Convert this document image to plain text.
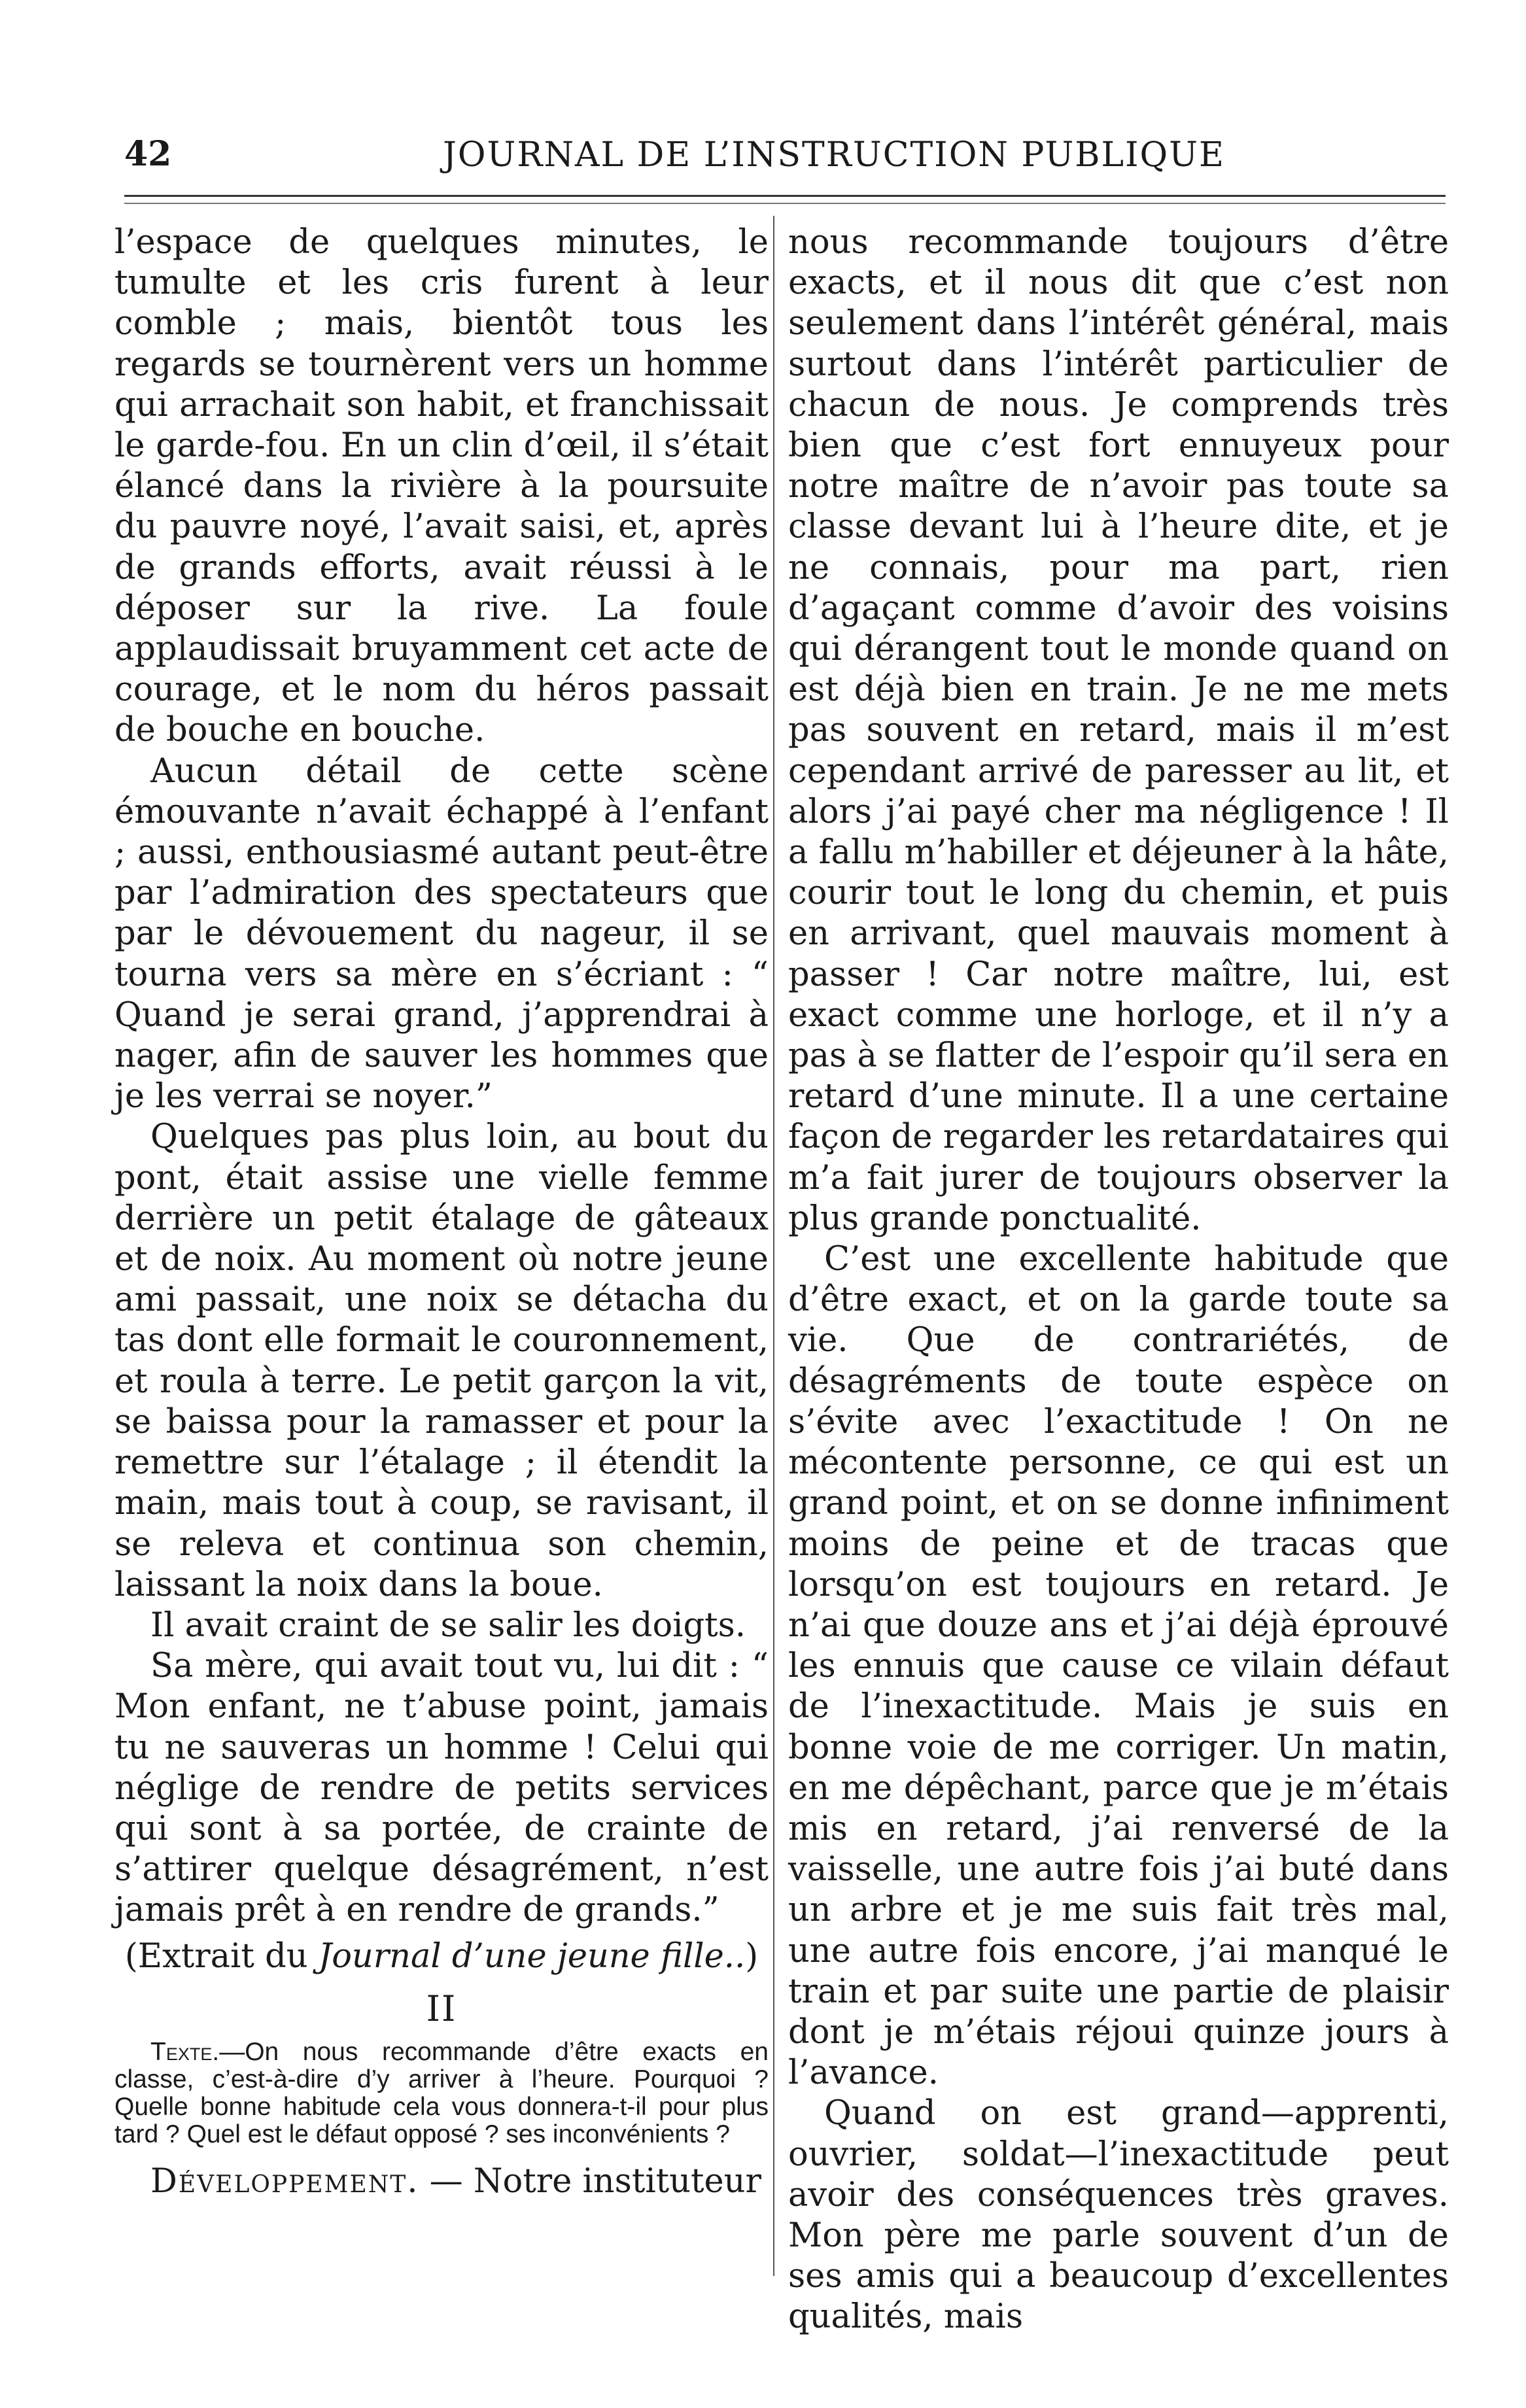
42	JOURNAL DE L’INSTRUCTION PUBLIQUE

l’espace de quelques minutes, le tumulte et les cris furent à leur comble ; mais, bientôt tous les regards se tournèrent vers un homme qui arrachait son habit, et franchissait le garde-fou. En un clin d’œil, il s’était élancé dans la rivière à la poursuite du pauvre noyé, l’avait saisi, et, après de grands efforts, avait réussi à le déposer sur la rive. La foule applaudissait bruyamment cet acte de courage, et le nom du héros passait de bouche en bouche.

Aucun détail de cette scène émouvante n’avait échappé à l’enfant ; aussi, enthousiasmé autant peut-être par l’admiration des spectateurs que par le dévouement du nageur, il se tourna vers sa mère en s’écriant : “ Quand je serai grand, j’apprendrai à nager, afin de sauver les hommes que je les verrai se noyer.”

Quelques pas plus loin, au bout du pont, était assise une vielle femme derrière un petit étalage de gâteaux et de noix. Au moment où notre jeune ami passait, une noix se détacha du tas dont elle formait le couronnement, et roula à terre. Le petit garçon la vit, se baissa pour la ramasser et pour la remettre sur l’étalage ; il étendit la main, mais tout à coup, se ravisant, il se releva et continua son chemin, laissant la noix dans la boue.

Il avait craint de se salir les doigts.

Sa mère, qui avait tout vu, lui dit : “ Mon enfant, ne t’abuse point, jamais tu ne sauveras un homme ! Celui qui néglige de rendre de petits services qui sont à sa portée, de crainte de s’attirer quelque désagrément, n’est jamais prêt à en rendre de grands.”

(Extrait du Journal d’une jeune fille..)

II

Texte.—On nous recommande d’être exacts en classe, c’est-à-dire d’y arriver à l’heure. Pourquoi ? Quelle bonne habitude cela vous donnera-t-il pour plus tard ? Quel est le défaut opposé ? ses inconvénients ?

Développement. — Notre instituteur

nous recommande toujours d’être exacts, et il nous dit que c’est non seulement dans l’intérêt général, mais surtout dans l’intérêt particulier de chacun de nous. Je comprends très bien que c’est fort ennuyeux pour notre maître de n’avoir pas toute sa classe devant lui à l’heure dite, et je ne connais, pour ma part, rien d’agaçant comme d’avoir des voisins qui dérangent tout le monde quand on est déjà bien en train. Je ne me mets pas souvent en retard, mais il m’est cependant arrivé de paresser au lit, et alors j’ai payé cher ma négligence ! Il a fallu m’habiller et déjeuner à la hâte, courir tout le long du chemin, et puis en arrivant, quel mauvais moment à passer ! Car notre maître, lui, est exact comme une horloge, et il n’y a pas à se flatter de l’espoir qu’il sera en retard d’une minute. Il a une certaine façon de regarder les retardataires qui m’a fait jurer de toujours observer la plus grande ponctualité.

C’est une excellente habitude que d’être exact, et on la garde toute sa vie. Que de contrariétés, de désagréments de toute espèce on s’évite avec l’exactitude ! On ne mécontente personne, ce qui est un grand point, et on se donne infiniment moins de peine et de tracas que lorsqu’on est toujours en retard. Je n’ai que douze ans et j’ai déjà éprouvé les ennuis que cause ce vilain défaut de l’inexactitude. Mais je suis en bonne voie de me corriger. Un matin, en me dépêchant, parce que je m’étais mis en retard, j’ai renversé de la vaisselle, une autre fois j’ai buté dans un arbre et je me suis fait très mal, une autre fois encore, j’ai manqué le train et par suite une partie de plaisir dont je m’étais réjoui quinze jours à l’avance.

Quand on est grand—apprenti, ouvrier, soldat—l’inexactitude peut avoir des conséquences très graves. Mon père me parle souvent d’un de ses amis qui a beaucoup d’excellentes qualités, mais
